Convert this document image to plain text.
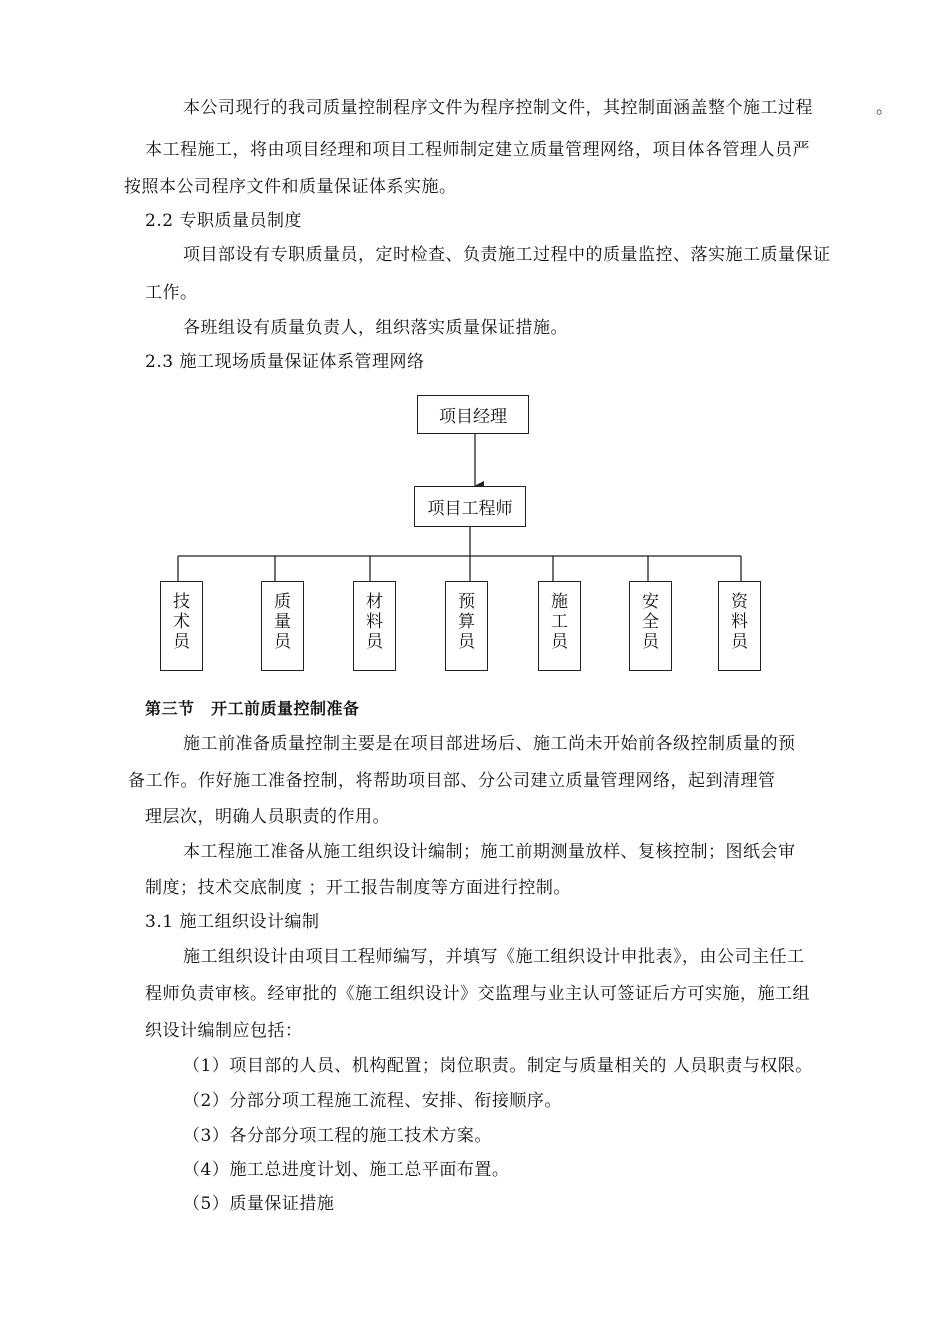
本公司现行的我司质量控制程序文件为程序控制文件，其控制面涵盖整个施工过程	。
本工程施工，将由项目经理和项目工程师制定建立质量管理网络，项目体各管理人员严
按照本公司程序文件和质量保证体系实施。
2.2 专职质量员制度
项目部设有专职质量员，定时检查、负责施工过程中的质量监控、落实施工质量保证
工作。
各班组设有质量负责人，组织落实质量保证措施。
2.3 施工现场质量保证体系管理网络
项目经理
项目工程师
技
术
员
质
量
员
材
料
员
预
算
员
施
工
员
安
全
员
资
料
员
第三节　开工前质量控制准备
施工前准备质量控制主要是在项目部进场后、施工尚未开始前各级控制质量的预
备工作。作好施工准备控制，将帮助项目部、分公司建立质量管理网络，起到清理管
理层次，明确人员职责的作用。
本工程施工准备从施工组织设计编制；施工前期测量放样、复核控制；图纸会审
制度；技术交底制度 ；开工报告制度等方面进行控制。
3.1 施工组织设计编制
施工组织设计由项目工程师编写，并填写《施工组织设计申批表》，由公司主任工
程师负责审核。经审批的《施工组织设计》交监理与业主认可签证后方可实施，施工组
织设计编制应包括：
（1）项目部的人员、机构配置；岗位职责。制定与质量相关的 人员职责与权限。
（2）分部分项工程施工流程、安排、衔接顺序。
（3）各分部分项工程的施工技术方案。
（4）施工总进度计划、施工总平面布置。
（5）质量保证措施
